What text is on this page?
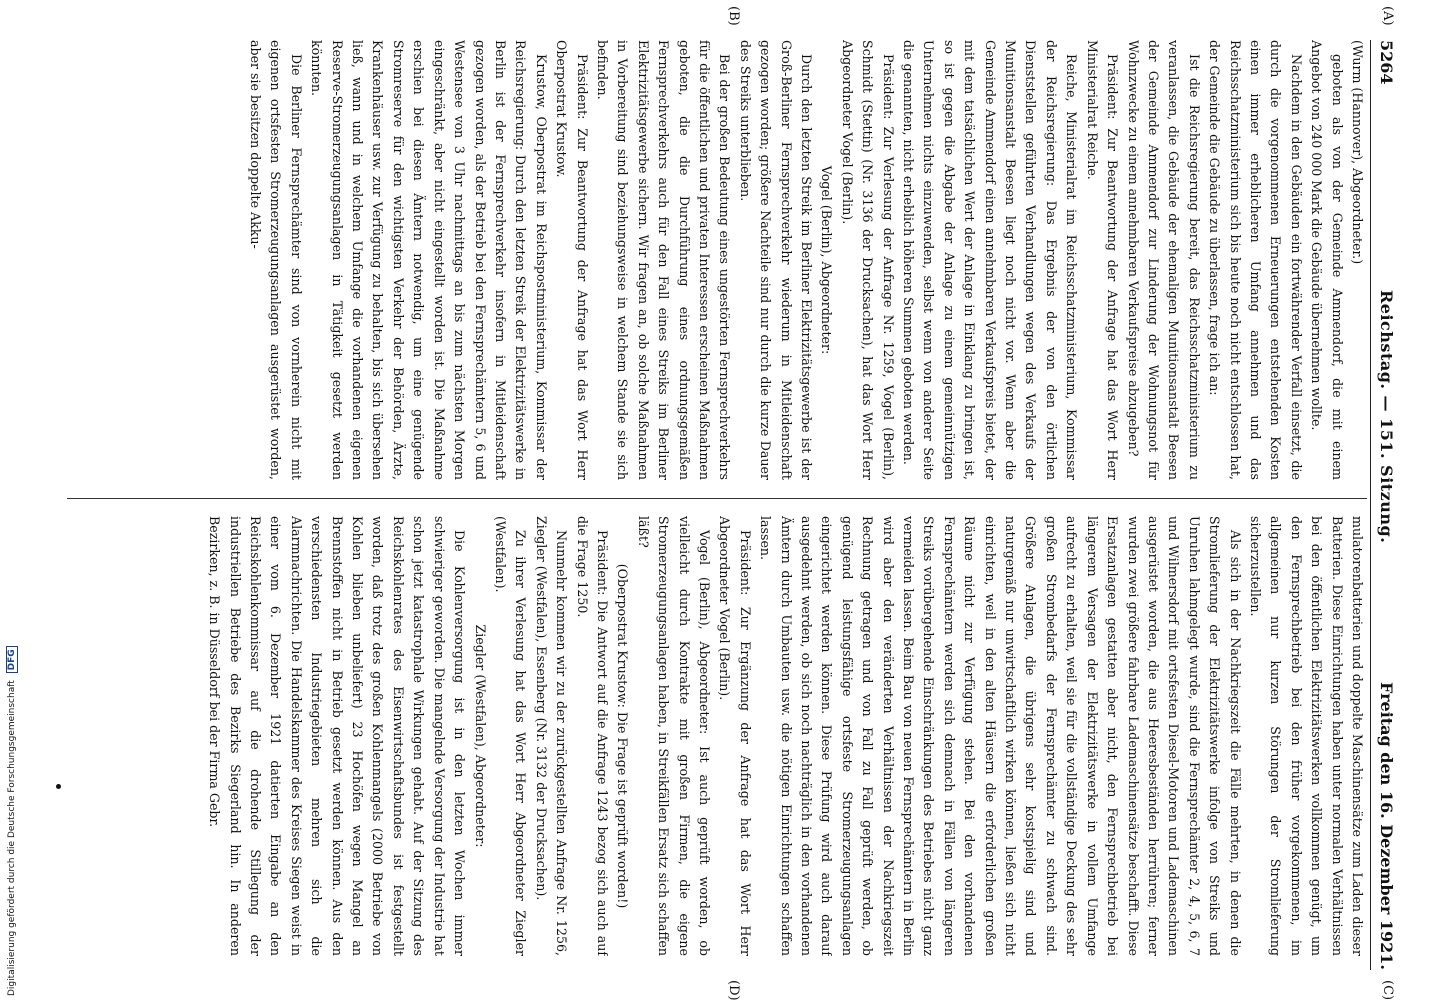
5264
Reichstag. — 151. Sitzung.
Freitag den 16. Dezember 1921.
(A)
(B)
(C)
(D)

(Wurm (Hannover), Abgeordneter.)

geboten als von der Gemeinde Ammendorf, die mit einem Angebot von 240 000 Mark die Gebäude übernehmen wollte.

Nachdem in den Gebäuden ein fortwährender Verfall einsetzt, die durch die vorgenommenen Erneuerungen entstehenden Kosten einen immer erheblicheren Umfang annehmen und das Reichsschatzministerium sich bis heute noch nicht entschlossen hat, der Gemeinde die Gebäude zu überlassen, frage ich an:

Ist die Reichsregierung bereit, das Reichsschatzministerium zu veranlassen, die Gebäude der ehemaligen Munitionsanstalt Beesen der Gemeinde Ammendorf zur Linderung der Wohnungsnot für Wohnzwecke zu einem annehmbaren Verkaufspreise abzugeben?

Präsident: Zur Beantwortung der Anfrage hat das Wort Herr Ministerialrat Reiche.

Reiche, Ministerialrat im Reichsschatzministerium, Kommissar der Reichsregierung: Das Ergebnis der von den örtlichen Dienststellen geführten Verhandlungen wegen des Verkaufs der Munitionsanstalt Beesen liegt noch nicht vor. Wenn aber die Gemeinde Ammendorf einen annehmbaren Verkaufspreis bietet, der mit dem tatsächlichen Wert der Anlage in Einklang zu bringen ist, so ist gegen die Abgabe der Anlage zu einem gemeinnützigen Unternehmen nichts einzuwenden, selbst wenn von anderer Seite die genannten, nicht erheblich höheren Summen geboten werden.

Präsident: Zur Verlesung der Anfrage Nr. 1259, Vogel (Berlin), Schmidt (Stettin) (Nr. 3136 der Drucksachen), hat das Wort Herr Abgeordneter Vogel (Berlin).

Vogel (Berlin), Abgeordneter:

Durch den letzten Streik im Berliner Elektrizitätsgewerbe ist der Groß-Berliner Fernsprechverkehr wiederum in Mitleidenschaft gezogen worden; größere Nachteile sind nur durch die kurze Dauer des Streiks unterblieben.

Bei der großen Bedeutung eines ungestörten Fernsprechverkehrs für die öffentlichen und privaten Interessen erscheinen Maßnahmen geboten, die die Durchführung eines ordnungsgemäßen Fernsprechverkehrs auch für den Fall eines Streiks im Berliner Elektrizitätsgewerbe sichern. Wir fragen an, ob solche Maßnahmen in Vorbereitung sind beziehungsweise in welchem Stande sie sich befinden.

Präsident: Zur Beantwortung der Anfrage hat das Wort Herr Oberpostrat Krustow.

Krustow, Oberpostrat im Reichspostministerium, Kommissar der Reichsregierung: Durch den letzten Streik der Elektrizitätswerke in Berlin ist der Fernsprechverkehr insofern in Mitleidenschaft gezogen worden, als der Betrieb bei den Fernsprechämtern 5, 6 und Westensee von 3 Uhr nachmittags an bis zum nächsten Morgen eingeschränkt, aber nicht eingestellt worden ist. Die Maßnahme erschien bei diesen Ämtern notwendig, um eine genügende Stromreserve für den wichtigsten Verkehr der Behörden, Ärzte, Krankenhäuser usw. zur Verfügung zu behalten, bis sich übersehen ließ, wann und in welchem Umfange die vorhandenen eigenen Reserve-Stromerzeugungsanlagen in Tätigkeit gesetzt werden könnten.

Die Berliner Fernsprechämter sind von vornherein nicht mit eigenen ortsfesten Stromerzeugungsanlagen ausgerüstet worden, aber sie besitzen doppelte Akku-

mulatorenbatterien und doppelte Maschinensätze zum Laden dieser Batterien. Diese Einrichtungen haben unter normalen Verhältnissen bei den öffentlichen Elektrizitätswerken vollkommen genügt, um den Fernsprechbetrieb bei den früher vorgekommenen, im allgemeinen nur kurzen Störungen der Stromlieferung sicherzustellen.

Als sich in der Nachkriegszeit die Fälle mehrten, in denen die Stromlieferung der Elektrizitätswerke infolge von Streiks und Unruhen lahmgelegt wurde, sind die Fernsprechämter 2, 4, 5, 6, 7 und Wilmersdorf mit ortsfesten Diesel-Motoren und Lademaschinen ausgerüstet worden, die aus Heeresbeständen herrühren; ferner wurden zwei größere fahrbare Lademaschinensätze beschafft. Diese Ersatzanlagen gestatten aber nicht, den Fernsprechbetrieb bei längerem Versagen der Elektrizitätswerke in vollem Umfange aufrecht zu erhalten, weil sie für die vollständige Deckung des sehr großen Strombedarfs der Fernsprechämter zu schwach sind. Größere Anlagen, die übrigens sehr kostspielig sind und naturgemäß nur unwirtschaftlich wirken können, ließen sich nicht einrichten, weil in den alten Häusern die erforderlichen großen Räume nicht zur Verfügung stehen. Bei den vorhandenen Fernsprechämtern werden sich demnach in Fällen von längeren Streiks vorübergehende Einschränkungen des Betriebes nicht ganz vermeiden lassen. Beim Bau von neuen Fernsprechämtern in Berlin wird aber den veränderten Verhältnissen der Nachkriegszeit Rechnung getragen und von Fall zu Fall geprüft werden, ob genügend leistungsfähige ortsfeste Stromerzeugungsanlagen eingerichtet werden können. Diese Prüfung wird auch darauf ausgedehnt werden, ob sich noch nachträglich in den vorhandenen Ämtern durch Umbauten usw. die nötigen Einrichtungen schaffen lassen.

Präsident: Zur Ergänzung der Anfrage hat das Wort Herr Abgeordneter Vogel (Berlin).

Vogel (Berlin), Abgeordneter: Ist auch geprüft worden, ob vielleicht durch Kontrakte mit großen Firmen, die eigene Stromerzeugungsanlagen haben, in Streikfällen Ersatz sich schaffen läßt?

(Oberpostrat Krustow: Die Frage ist geprüft worden!)

Präsident: Die Antwort auf die Anfrage 1243 bezog sich auch auf die Frage 1250.

Nunmehr kommen wir zu der zurückgestellten Anfrage Nr. 1256, Ziegler (Westfalen), Essenberg (Nr. 3132 der Drucksachen).

Zu ihrer Verlesung hat das Wort Herr Abgeordneter Ziegler (Westfalen).

Ziegler (Westfalen), Abgeordneter:

Die Kohlenversorgung ist in den letzten Wochen immer schwieriger geworden. Die mangelnde Versorgung der Industrie hat schon jetzt katastrophale Wirkungen gehabt. Auf der Sitzung des Reichskohlenrates des Eisenwirtschaftsbundes ist festgestellt worden, daß trotz des großen Kohlenmangels (2000 Betriebe von Kohlen blieben unbeliefert) 23 Hochöfen wegen Mangel an Brennstoffen nicht in Betrieb gesetzt werden können. Aus den verschiedensten Industriegebieten mehren sich die Alarmnachrichten. Die Handelskammer des Kreises Siegen weist in einer vom 6. Dezember 1921 datierten Eingabe an den Reichskohlenkommissar auf die drohende Stillegung der industriellen Betriebe des Bezirks Siegerland hin. In anderen Bezirken, z. B. in Düsseldorf bei der Firma Gebr.

Digitalisierung gefördert durch die Deutsche Forschungsgemeinschaft DFG
